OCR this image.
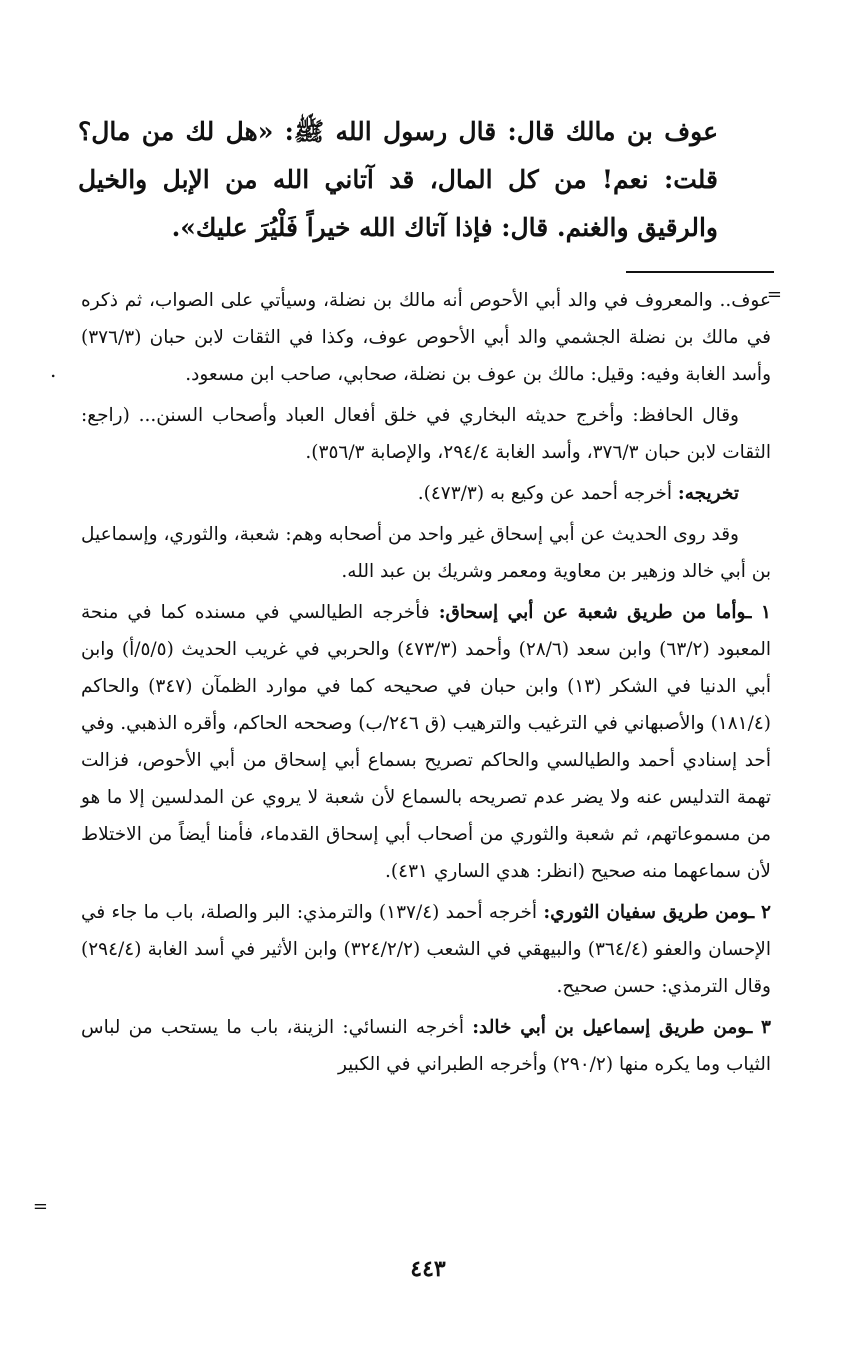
عوف بن مالك قال: قال رسول الله ﷺ: «هل لك من مال؟ قلت: نعم! من كل المال، قد آتاني الله من الإبل والخيل والرقيق والغنم. قال: فإذا آتاك الله خيراً فَلْيُرَ عليك».

=
.

عوف.. والمعروف في والد أبي الأحوص أنه مالك بن نضلة، وسيأتي على الصواب، ثم ذكره في مالك بن نضلة الجشمي والد أبي الأحوص عوف، وكذا في الثقات لابن حبان (٣٧٦/٣) وأسد الغابة وفيه: وقيل: مالك بن عوف بن نضلة، صحابي، صاحب ابن مسعود.

وقال الحافظ: وأخرج حديثه البخاري في خلق أفعال العباد وأصحاب السنن... (راجع: الثقات لابن حبان ٣٧٦/٣، وأسد الغابة ٢٩٤/٤، والإصابة ٣٥٦/٣).

تخريجه: أخرجه أحمد عن وكيع به (٤٧٣/٣).

وقد روى الحديث عن أبي إسحاق غير واحد من أصحابه وهم: شعبة، والثوري، وإسماعيل بن أبي خالد وزهير بن معاوية ومعمر وشريك بن عبد الله.

١ ـوأما من طريق شعبة عن أبي إسحاق: فأخرجه الطيالسي في مسنده كما في منحة المعبود (٦٣/٢) وابن سعد (٢٨/٦) وأحمد (٤٧٣/٣) والحربي في غريب الحديث (٥/٥/أ) وابن أبي الدنيا في الشكر (١٣) وابن حبان في صحيحه كما في موارد الظمآن (٣٤٧) والحاكم (١٨١/٤) والأصبهاني في الترغيب والترهيب (ق ٢٤٦/ب) وصححه الحاكم، وأقره الذهبي. وفي أحد إسنادي أحمد والطيالسي والحاكم تصريح بسماع أبي إسحاق من أبي الأحوص، فزالت تهمة التدليس عنه ولا يضر عدم تصريحه بالسماع لأن شعبة لا يروي عن المدلسين إلا ما هو من مسموعاتهم، ثم شعبة والثوري من أصحاب أبي إسحاق القدماء، فأمنا أيضاً من الاختلاط لأن سماعهما منه صحيح (انظر: هدي الساري ٤٣١).

٢ ـومن طريق سفيان الثوري: أخرجه أحمد (١٣٧/٤) والترمذي: البر والصلة، باب ما جاء في الإحسان والعفو (٣٦٤/٤) والبيهقي في الشعب (٣٢٤/٢/٢) وابن الأثير في أسد الغابة (٢٩٤/٤) وقال الترمذي: حسن صحيح.

٣ ـومن طريق إسماعيل بن أبي خالد: أخرجه النسائي: الزينة، باب ما يستحب من لباس الثياب وما يكره منها (٢٩٠/٢) وأخرجه الطبراني في الكبير

=
٤٤٣
